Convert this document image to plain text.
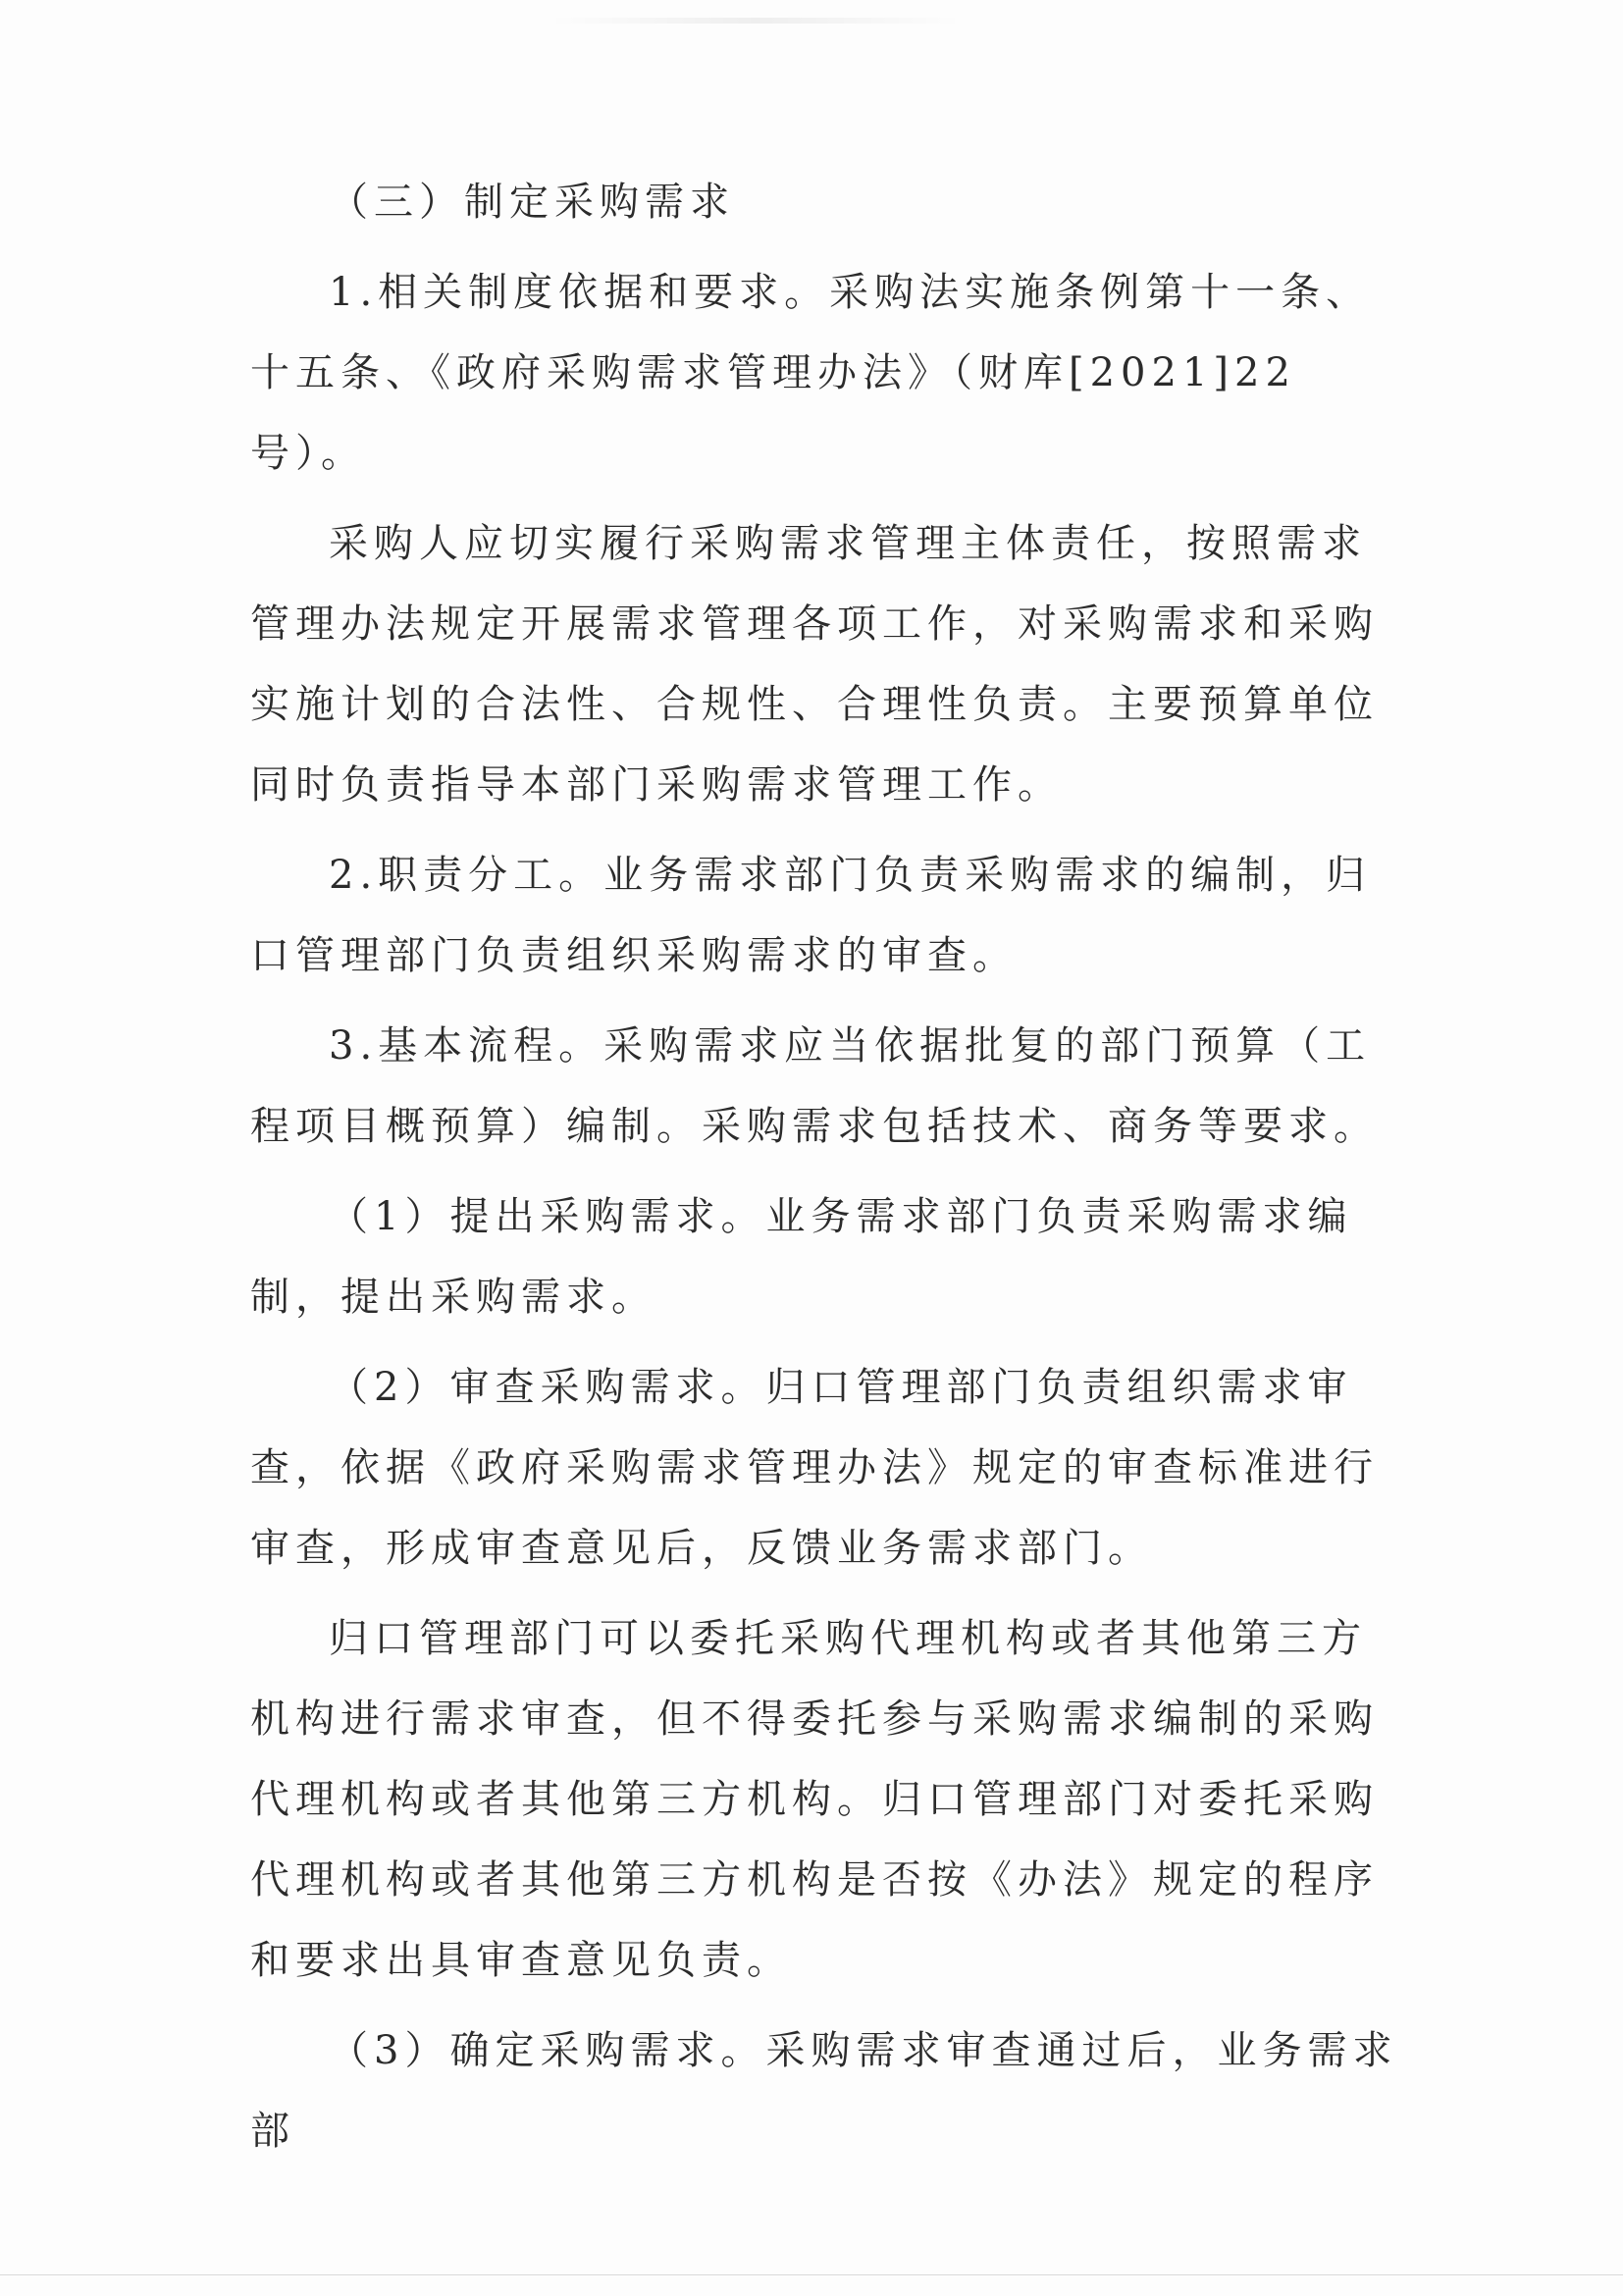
（三）制定采购需求

1.相关制度依据和要求。采购法实施条例第十一条、十五条、《政府采购需求管理办法》（财库[2021]22号）。

采购人应切实履行采购需求管理主体责任，按照需求管理办法规定开展需求管理各项工作，对采购需求和采购实施计划的合法性、合规性、合理性负责。主要预算单位同时负责指导本部门采购需求管理工作。

2.职责分工。业务需求部门负责采购需求的编制，归口管理部门负责组织采购需求的审查。

3.基本流程。采购需求应当依据批复的部门预算（工程项目概预算）编制。采购需求包括技术、商务等要求。

（1）提出采购需求。业务需求部门负责采购需求编制，提出采购需求。

（2）审查采购需求。归口管理部门负责组织需求审查，依据《政府采购需求管理办法》规定的审查标准进行审查，形成审查意见后，反馈业务需求部门。

归口管理部门可以委托采购代理机构或者其他第三方机构进行需求审查，但不得委托参与采购需求编制的采购代理机构或者其他第三方机构。归口管理部门对委托采购代理机构或者其他第三方机构是否按《办法》规定的程序和要求出具审查意见负责。

（3）确定采购需求。采购需求审查通过后，业务需求部
